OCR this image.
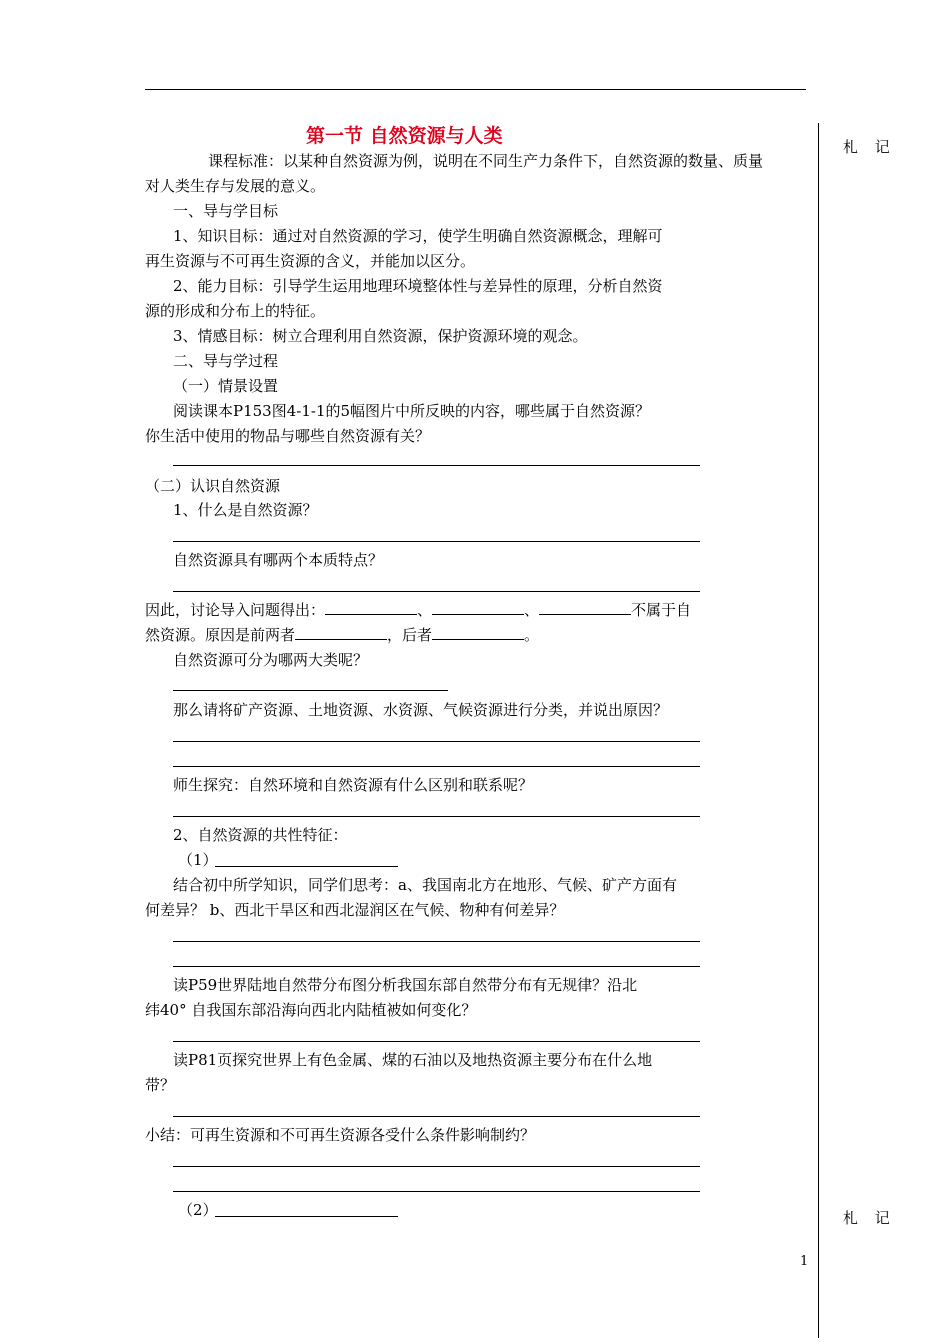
札 记
札 记
1
第一节 自然资源与人类
课程标准：以某种自然资源为例，说明在不同生产力条件下，自然资源的数量、质量
对人类生存与发展的意义。
一、导与学目标
1、知识目标：通过对自然资源的学习，使学生明确自然资源概念，理解可
再生资源与不可再生资源的含义，并能加以区分。
2、能力目标：引导学生运用地理环境整体性与差异性的原理，分析自然资
源的形成和分布上的特征。
3、情感目标：树立合理利用自然资源，保护资源环境的观念。
二、导与学过程
（一）情景设置
阅读课本P153图4-1-1的5幅图片中所反映的内容，哪些属于自然资源？
你生活中使用的物品与哪些自然资源有关？
（二）认识自然资源
1、什么是自然资源？
自然资源具有哪两个本质特点？
因此，讨论导入问题得出：	、	、	不属于自
然资源。原因是前两者	，后者	。
自然资源可分为哪两大类呢？
那么请将矿产资源、土地资源、水资源、气候资源进行分类，并说出原因？
师生探究：自然环境和自然资源有什么区别和联系呢？
2、自然资源的共性特征：
（1）
结合初中所学知识，同学们思考：a、我国南北方在地形、气候、矿产方面有
何差异？ b、西北干旱区和西北湿润区在气候、物种有何差异？
读P59世界陆地自然带分布图分析我国东部自然带分布有无规律？沿北
纬40° 自我国东部沿海向西北内陆植被如何变化？
读P81页探究世界上有色金属、煤的石油以及地热资源主要分布在什么地
带？
小结：可再生资源和不可再生资源各受什么条件影响制约？
（2）
